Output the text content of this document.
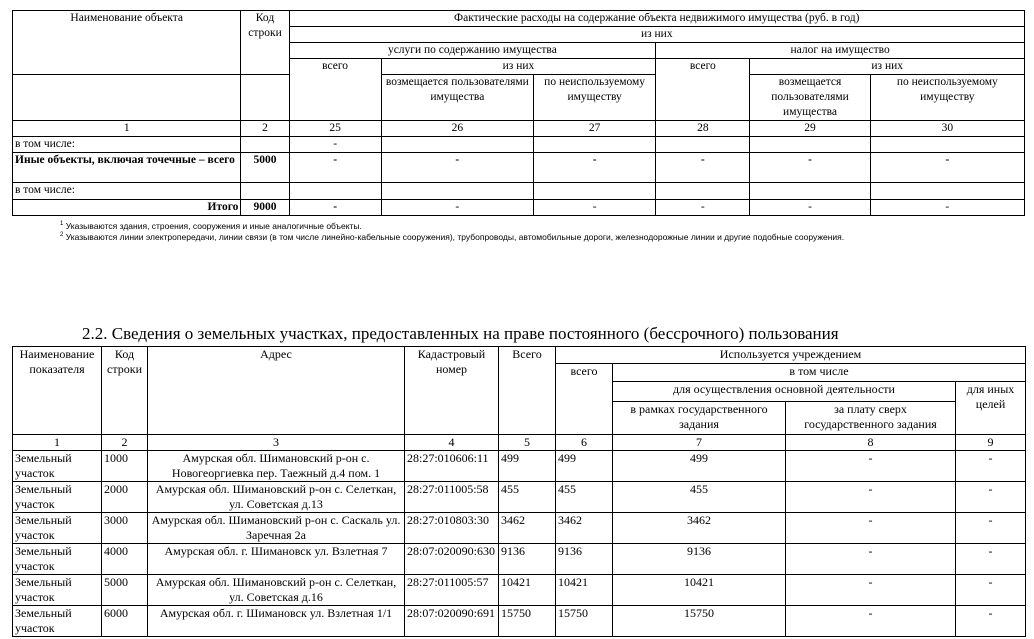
Наименование объекта	Код строки	Фактические расходы на содержание объекта недвижимого имущества (руб. в год)					
		из них					
		услуги по содержанию имущества			налог на имущество		
		всего	из них		всего	из них	
			возмещается пользователями имущества	по неиспользуемому имуществу		возмещается пользователями имущества	по неиспользуемому имуществу
1	2	25	26	27	28	29	30
в том числе:		-					
Иные объекты, включая точечные – всего	5000	-	-	-	-	-	-
в том числе:							
Итого	9000	-	-	-	-	-	-
$^1$ Указываются здания, строения, сооружения и иные аналогичные объекты.
$^2$ Указываются линии электропередачи, линии связи (в том числе линейно-кабельные сооружения), трубопроводы, автомобильные дороги, железнодорожные линии и другие подобные сооружения.
2.2. Сведения о земельных участках, предоставленных на праве постоянного (бессрочного) пользования
Наименование показателя	Код строки	Адрес	Кадастровый номер	Всего	Используется учреждением			
					всего	в том числе		
						для осуществления основной деятельности		для иных целей
						в рамках государственного задания	за плату сверх государственного задания	
1	2	3	4	5	6	7	8	9
Земельный участок	1000	Амурская обл. Шимановский р-он с. Новогеоргиевка пер. Таежный д.4 пом. 1	28:27:010606:11	499	499	499	-	-
Земельный участок	2000	Амурская обл. Шимановский р-он с. Селеткан, ул. Советская д.13	28:27:011005:58	455	455	455	-	-
Земельный участок	3000	Амурская обл. Шимановский р-он с. Саскаль ул. Заречная 2а	28:27:010803:30	3462	3462	3462	-	-
Земельный участок	4000	Амурская обл. г. Шимановск ул. Взлетная 7	28:07:020090:630	9136	9136	9136	-	-
Земельный участок	5000	Амурская обл. Шимановский р-он с. Селеткан, ул. Советская д.16	28:27:011005:57	10421	10421	10421	-	-
Земельный участок	6000	Амурская обл. г. Шимановск ул. Взлетная 1/1	28:07:020090:691	15750	15750	15750	-	-
